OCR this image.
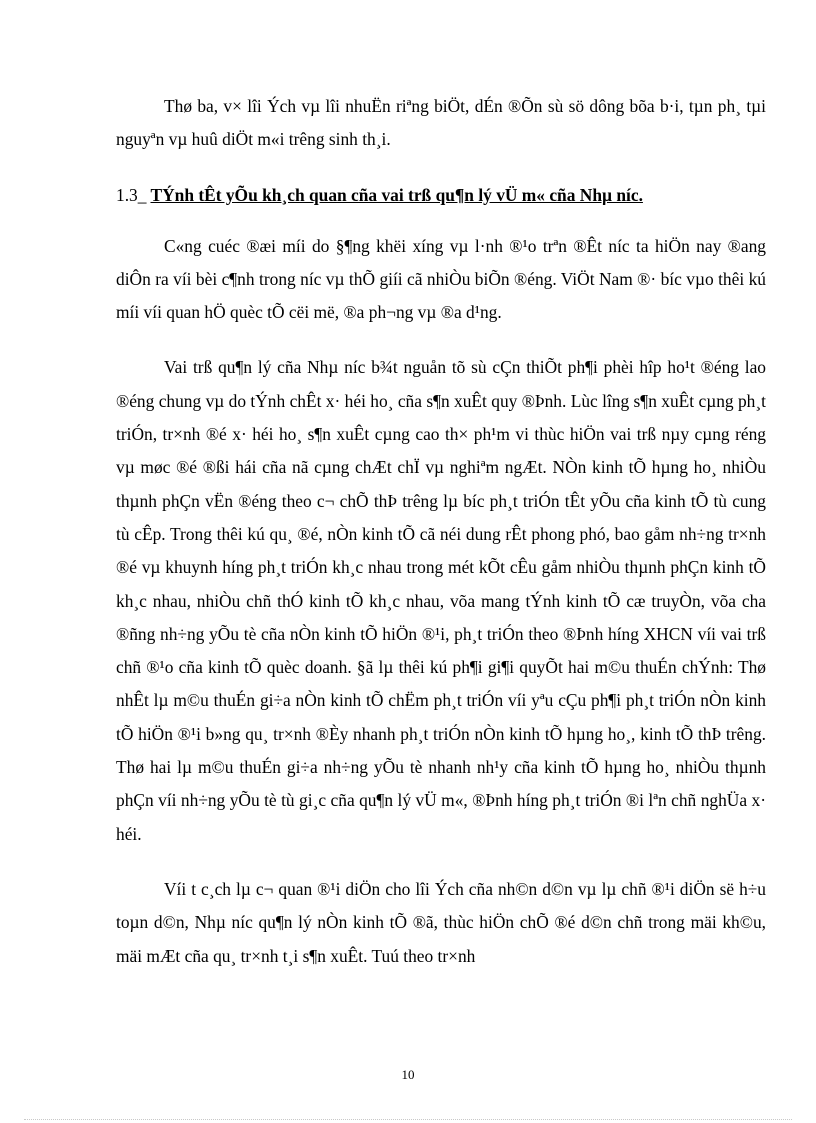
Thø ba, v× lîi Ých vµ lîi nhuËn riªng biÖt, dÉn ®Õn sù sö dông bõa b·i, tµn ph¸ tµi nguyªn vµ huû diÖt m«i trêng sinh th¸i.

1.3_ TÝnh tÊt yÕu kh¸ch quan cña vai trß qu¶n lý vÜ m« cña Nhµ níc.

C«ng cuéc ®æi míi do §¶ng khëi xíng vµ l·nh ®¹o trªn ®Êt níc ta hiÖn nay ®ang diÔn ra víi bèi c¶nh trong níc vµ thÕ giíi cã nhiÒu biÕn ®éng. ViÖt Nam ®· bíc vµo thêi kú míi víi quan hÖ quèc tÕ cëi më, ®a ph¬ng vµ ®a d¹ng.

Vai trß qu¶n lý cña Nhµ níc b¾t nguån tõ sù cÇn thiÕt ph¶i phèi hîp ho¹t ®éng lao ®éng chung vµ do tÝnh chÊt x· héi ho¸ cña s¶n xuÊt quy ®Þnh. Lùc lîng s¶n xuÊt cµng ph¸t triÓn, tr×nh ®é x· héi ho¸ s¶n xuÊt cµng cao th× ph¹m vi thùc hiÖn vai trß nµy cµng réng vµ møc ®é ®ßi hái cña nã cµng chÆt chÏ vµ nghiªm ngÆt. NÒn kinh tÕ hµng ho¸ nhiÒu thµnh phÇn vËn ®éng theo c¬ chÕ thÞ trêng lµ bíc ph¸t triÓn tÊt yÕu cña kinh tÕ tù cung tù cÊp. Trong thêi kú qu¸ ®é, nÒn kinh tÕ cã néi dung rÊt phong phó, bao gåm nh÷ng tr×nh ®é vµ khuynh híng ph¸t triÓn kh¸c nhau trong mét kÕt cÊu gåm nhiÒu thµnh phÇn kinh tÕ kh¸c nhau, nhiÒu chñ thÓ kinh tÕ kh¸c nhau, võa mang tÝnh kinh tÕ cæ truyÒn, võa cha ®ñng nh÷ng yÕu tè cña nÒn kinh tÕ hiÖn ®¹i, ph¸t triÓn theo ®Þnh híng XHCN víi vai trß chñ ®¹o cña kinh tÕ quèc doanh. §ã lµ thêi kú ph¶i gi¶i quyÕt hai m©u thuÉn chÝnh: Thø nhÊt lµ m©u thuÉn gi÷a nÒn kinh tÕ chËm ph¸t triÓn víi yªu cÇu ph¶i ph¸t triÓn nÒn kinh tÕ hiÖn ®¹i b»ng qu¸ tr×nh ®Èy nhanh ph¸t triÓn nÒn kinh tÕ hµng ho¸, kinh tÕ thÞ trêng. Thø hai lµ m©u thuÉn gi÷a nh÷ng yÕu tè nhanh nh¹y cña kinh tÕ hµng ho¸ nhiÒu thµnh phÇn víi nh÷ng yÕu tè tù gi¸c cña qu¶n lý vÜ m«, ®Þnh híng ph¸t triÓn ®i lªn chñ nghÜa x· héi.

Víi t c¸ch lµ c¬ quan ®¹i diÖn cho lîi Ých cña nh©n d©n vµ lµ chñ ®¹i diÖn së h÷u toµn d©n, Nhµ níc qu¶n lý nÒn kinh tÕ ®ã, thùc hiÖn chÕ ®é d©n chñ trong mäi kh©u, mäi mÆt cña qu¸ tr×nh t¸i s¶n xuÊt. Tuú theo tr×nh

10
